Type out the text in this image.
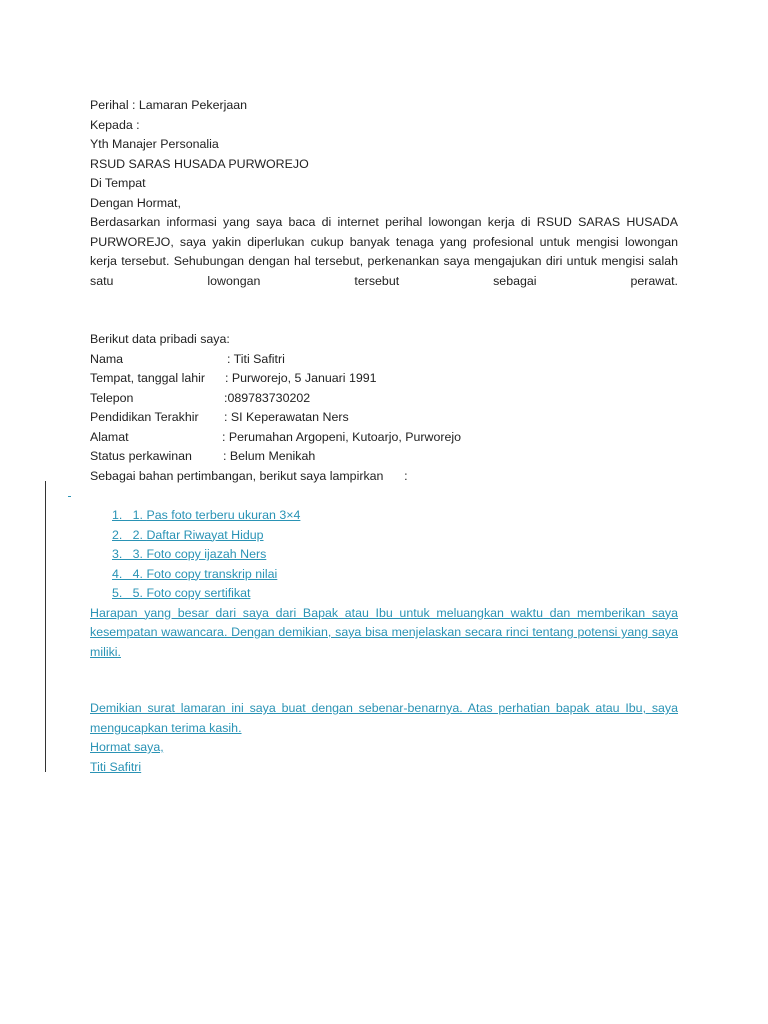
Perihal : Lamaran Pekerjaan
Kepada :
Yth Manajer Personalia
RSUD SARAS HUSADA PURWOREJO
Di Tempat
Dengan Hormat,
Berdasarkan informasi yang saya baca di internet perihal lowongan kerja di RSUD SARAS HUSADA PURWOREJO, saya yakin diperlukan cukup banyak tenaga yang profesional untuk mengisi lowongan kerja tersebut. Sehubungan dengan hal tersebut, perkenankan saya mengajukan diri untuk mengisi salah satu lowongan tersebut sebagai perawat.
Berikut data pribadi saya:
Nama	: Titi Safitri
Tempat, tanggal lahir	: Purworejo, 5 Januari 1991
Telepon	:089783730202
Pendidikan Terakhir	: SI Keperawatan Ners
Alamat	: Perumahan Argopeni, Kutoarjo, Purworejo
Status perkawinan	: Belum Menikah
Sebagai bahan pertimbangan, berikut saya lampirkan      :
1.   1. Pas foto terberu ukuran 3×4
2.   2. Daftar Riwayat Hidup
3.   3. Foto copy ijazah Ners
4.   4. Foto copy transkrip nilai
5.   5. Foto copy sertifikat
Harapan yang besar dari saya dari Bapak atau Ibu untuk meluangkan waktu dan memberikan saya kesempatan wawancara. Dengan demikian, saya bisa menjelaskan secara rinci tentang potensi yang saya miliki.
Demikian surat lamaran ini saya buat dengan sebenar-benarnya. Atas perhatian bapak atau Ibu, saya mengucapkan terima kasih.
Hormat saya,
Titi Safitri
